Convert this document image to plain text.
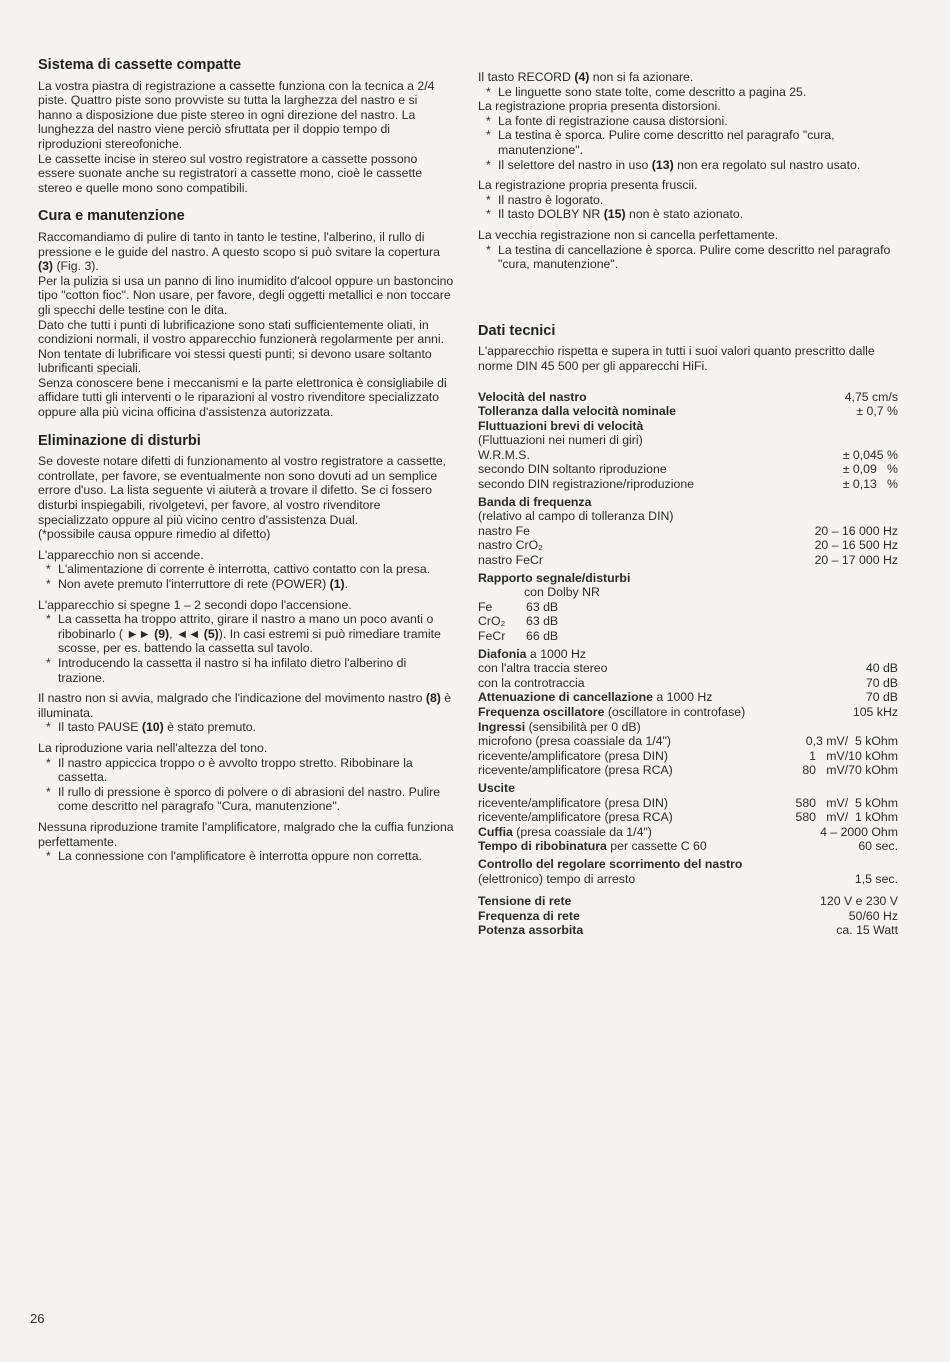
Sistema di cassette compatte

La vostra piastra di registrazione a cassette funziona con la tecnica a 2/4 piste. Quattro piste sono provviste su tutta la larghezza del nastro e si hanno a disposizione due piste stereo in ogni direzione del nastro. La lunghezza del nastro viene perciò sfruttata per il doppio tempo di riproduzioni stereofoniche.

Le cassette incise in stereo sul vostro registratore a cassette possono essere suonate anche su registratori a cassette mono, cioè le cassette stereo e quelle mono sono compatibili.

Cura e manutenzione

Raccomandiamo di pulire di tanto in tanto le testine, l'alberino, il rullo di pressione e le guide del nastro. A questo scopo si può svitare la copertura (3) (Fig. 3).

Per la pulizia si usa un panno di lino inumidito d'alcool oppure un bastoncino tipo "cotton fioc". Non usare, per favore, degli oggetti metallici e non toccare gli specchi delle testine con le dita.

Dato che tutti i punti di lubrificazione sono stati sufficientemente oliati, in condizioni normali, il vostro apparecchio funzionerà regolarmente per anni. Non tentate di lubrificare voi stessi questi punti; si devono usare soltanto lubrificanti speciali.

Senza conoscere bene i meccanismi e la parte elettronica è consigliabile di affidare tutti gli interventi o le riparazioni al vostro rivenditore specializzato oppure alla più vicina officina d'assistenza autorizzata.

Eliminazione di disturbi

Se doveste notare difetti di funzionamento al vostro registratore a cassette, controllate, per favore, se eventualmente non sono dovuti ad un semplice errore d'uso. La lista seguente vi aiuterà a trovare il difetto. Se ci fossero disturbi inspiegabili, rivolgetevi, per favore, al vostro rivenditore specializzato oppure al più vicino centro d'assistenza Dual.

(*possibile causa oppure rimedio al difetto)

L'apparecchio non si accende.

* L'alimentazione di corrente è interrotta, cattivo contatto con la presa.

* Non avete premuto l'interruttore di rete (POWER) (1).

L'apparecchio si spegne 1 – 2 secondi dopo l'accensione.

* La cassetta ha troppo attrito, girare il nastro a mano un poco avanti o ribobinarlo ( ►► (9), ◄◄ (5)). In casi estremi si può rimediare tramite scosse, per es. battendo la cassetta sul tavolo.

* Introducendo la cassetta il nastro si ha infilato dietro l'alberino di trazione.

Il nastro non si avvia, malgrado che l'indicazione del movimento nastro (8) è illuminata.

* Il tasto PAUSE (10) è stato premuto.

La riproduzione varia nell'altezza del tono.

* Il nastro appiccica troppo o è avvolto troppo stretto. Ribobinare la cassetta.

* Il rullo di pressione è sporco di polvere o di abrasioni del nastro. Pulire come descritto nel paragrafo "Cura, manutenzione".

Nessuna riproduzione tramite l'amplificatore, malgrado che la cuffia funziona perfettamente.

* La connessione con l'amplificatore è interrotta oppure non corretta.

Il tasto RECORD (4) non si fa azionare.

* Le linguette sono state tolte, come descritto a pagina 25.

La registrazione propria presenta distorsioni.

* La fonte di registrazione causa distorsioni.

* La testina è sporca. Pulire come descritto nel paragrafo "cura, manutenzione".

* Il selettore del nastro in uso (13) non era regolato sul nastro usato.

La registrazione propria presenta fruscii.

* Il nastro è logorato.

* Il tasto DOLBY NR (15) non è stato azionato.

La vecchia registrazione non si cancella perfettamente.

* La testina di cancellazione è sporca. Pulire come descritto nel paragrafo "cura, manutenzione".

Dati tecnici

L'apparecchio rispetta e supera in tutti i suoi valori quanto prescritto dalle norme DIN 45 500 per gli apparecchi HiFi.

Velocità del nastro	4,75 cm/s
Tolleranza dalla velocità nominale	± 0,7 %
Fluttuazioni brevi di velocità
(Fluttuazioni nei numeri di giri)
W.R.M.S.	± 0,045 %
secondo DIN soltanto riproduzione	± 0,09   %
secondo DIN registrazione/riproduzione	± 0,13   %
Banda di frequenza
(relativo al campo di tolleranza DIN)
nastro Fe	20 – 16 000 Hz
nastro CrO₂	20 – 16 500 Hz
nastro FeCr	20 – 17 000 Hz
Rapporto segnale/disturbi
con Dolby NR
Fe	63 dB
CrO₂	63 dB
FeCr	66 dB
Diafonia a 1000 Hz
con l'altra traccia stereo	40 dB
con la controtraccia	70 dB
Attenuazione di cancellazione a 1000 Hz	70 dB
Frequenza oscillatore (oscillatore in controfase)	105 kHz
Ingressi (sensibilità per 0 dB)
microfono (presa coassiale da 1/4")	0,3 mV/  5 kOhm
ricevente/amplificatore (presa DIN)	1   mV/10 kOhm
ricevente/amplificatore (presa RCA)	80   mV/70 kOhm
Uscite
ricevente/amplificatore (presa DIN)	580   mV/  5 kOhm
ricevente/amplificatore (presa RCA)	580   mV/  1 kOhm
Cuffia (presa coassiale da 1/4")	4 – 2000 Ohm
Tempo di ribobinatura per cassette C 60	60 sec.
Controllo del regolare scorrimento del nastro
(elettronico) tempo di arresto	1,5 sec.
Tensione di rete	120 V e 230 V
Frequenza di rete	50/60 Hz
Potenza assorbita	ca. 15 Watt
26
